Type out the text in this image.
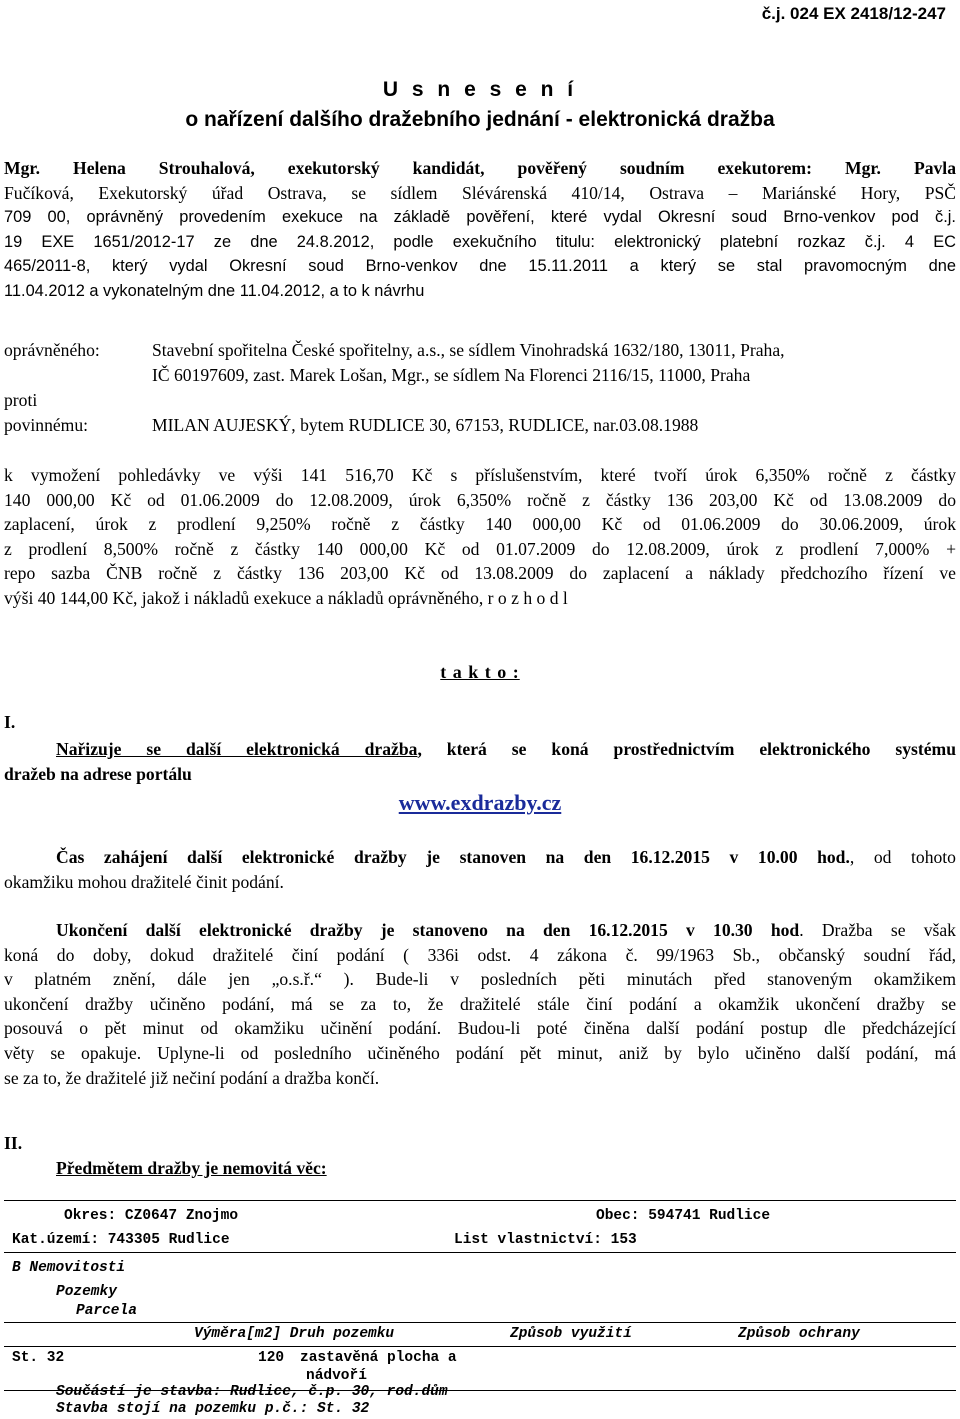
č.j. 024 EX 2418/12-247
U s n e s e n í
o nařízení dalšího dražebního jednání - elektronická dražba
Mgr. Helena Strouhalová, exekutorský kandidát, pověřený soudním exekutorem: Mgr. Pavla
Fučíková, Exekutorský úřad Ostrava, se sídlem Slévárenská 410/14, Ostrava – Mariánské Hory, PSČ
709 00, oprávněný provedením exekuce na základě pověření, které vydal Okresní soud Brno-venkov pod č.j.
19 EXE 1651/2012-17 ze dne 24.8.2012, podle exekučního titulu: elektronický platební rozkaz č.j. 4 EC
465/2011-8, který vydal Okresní soud Brno-venkov dne 15.11.2011 a který se stal pravomocným dne
11.04.2012 a vykonatelným dne 11.04.2012, a to k návrhu
oprávněného:	Stavební spořitelna České spořitelny, a.s., se sídlem Vinohradská 1632/180, 13011, Praha,
IČ 60197609, zast. Marek Lošan, Mgr., se sídlem Na Florenci 2116/15, 11000, Praha
proti
povinnému:	MILAN AUJESKÝ, bytem RUDLICE 30, 67153, RUDLICE, nar.03.08.1988
k vymožení pohledávky ve výši 141 516,70 Kč s příslušenstvím, které tvoří úrok 6,350% ročně z částky
140 000,00 Kč od 01.06.2009 do 12.08.2009, úrok 6,350% ročně z částky 136 203,00 Kč od 13.08.2009 do
zaplacení, úrok z prodlení 9,250% ročně z částky 140 000,00 Kč od 01.06.2009 do 30.06.2009, úrok
z prodlení 8,500% ročně z částky 140 000,00 Kč od 01.07.2009 do 12.08.2009, úrok z prodlení 7,000% +
repo sazba ČNB ročně z částky 136 203,00 Kč od 13.08.2009 do zaplacení a náklady předchozího řízení ve
výši 40 144,00 Kč, jakož i nákladů exekuce a nákladů oprávněného, r o z h o d l
t a k t o :
I.
Nařizuje se další elektronická dražba, která se koná prostřednictvím elektronického systému
dražeb na adrese portálu
www.exdrazby.cz
Čas zahájení další elektronické dražby je stanoven na den 16.12.2015 v 10.00 hod., od tohoto
okamžiku mohou dražitelé činit podání.
Ukončení další elektronické dražby je stanoveno na den 16.12.2015 v 10.30 hod. Dražba se však
koná do doby, dokud dražitelé činí podání ( 336i odst. 4 zákona č. 99/1963 Sb., občanský soudní řád,
v platném znění, dále jen „o.s.ř.“ ). Bude-li v posledních pěti minutách před stanoveným okamžikem
ukončení dražby učiněno podání, má se za to, že dražitelé stále činí podání a okamžik ukončení dražby se
posouvá o pět minut od okamžiku učinění podání. Budou-li poté činěna další podání postup dle předcházející
věty se opakuje. Uplyne-li od posledního učiněného podání pět minut, aniž by bylo učiněno další podání, má
se za to, že dražitelé již nečiní podání a dražba končí.
II.
Předmětem dražby je nemovitá věc:
Okres: CZ0647 Znojmo	Obec: 594741 Rudlice
Kat.území: 743305 Rudlice	List vlastnictví: 153
B Nemovitosti
Pozemky
Parcela
Výměra[m2] Druh pozemku	Způsob využití	Způsob ochrany
St. 32	120 zastavěná plocha a
nádvoří
Součástí je stavba: Rudlice, č.p. 30, rod.dům
Stavba stojí na pozemku p.č.: St. 32
